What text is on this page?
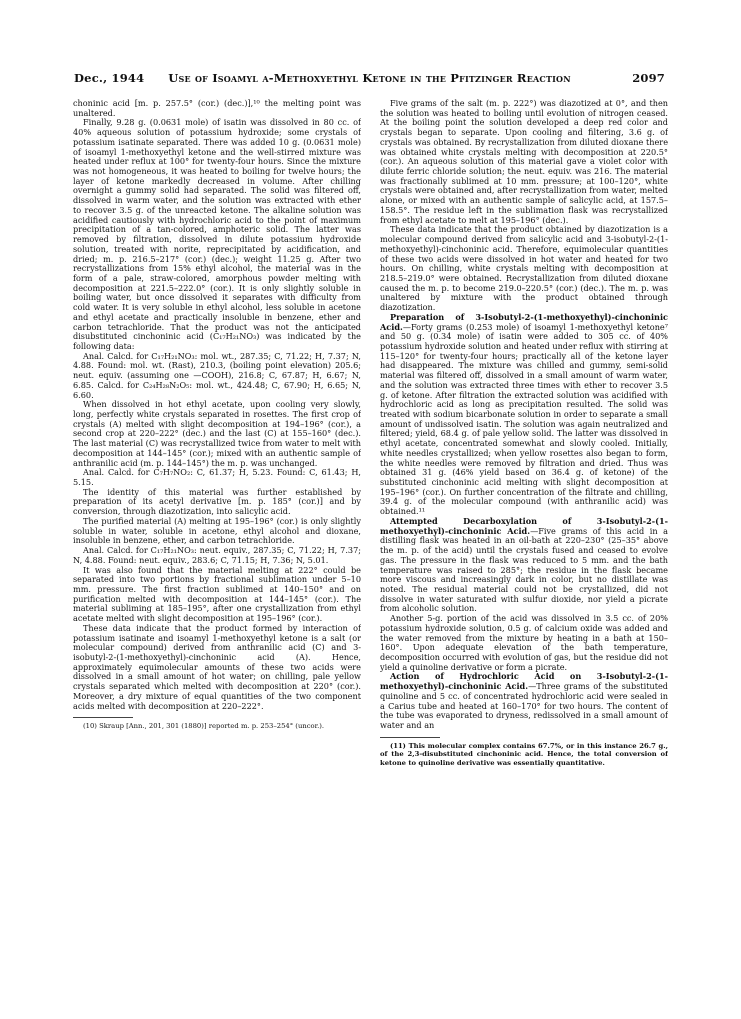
Dec., 1944	Use of Isoamyl α-Methoxyethyl Ketone in the Pfitzinger Reaction	2097

choninic acid [m. p. 257.5° (cor.) (dec.)],¹⁰ the melting point was unaltered.

Finally, 9.28 g. (0.0631 mole) of isatin was dissolved in 80 cc. of 40% aqueous solution of potassium hydroxide; some crystals of potassium isatinate separated. There was added 10 g. (0.0631 mole) of isoamyl 1-methoxyethyl ketone and the well-stirred mixture was heated under reflux at 100° for twenty-four hours. Since the mixture was not homogeneous, it was heated to boiling for twelve hours; the layer of ketone markedly decreased in volume. After chilling overnight a gummy solid had separated. The solid was filtered off, dissolved in warm water, and the solution was extracted with ether to recover 3.5 g. of the unreacted ketone. The alkaline solution was acidified cautiously with hydrochloric acid to the point of maximum precipitation of a tan-colored, amphoteric solid. The latter was removed by filtration, dissolved in dilute potassium hydroxide solution, treated with norite, reprecipitated by acidification, and dried; m. p. 216.5–217° (cor.) (dec.); weight 11.25 g. After two recrystallizations from 15% ethyl alcohol, the material was in the form of a pale, straw-colored, amorphous powder melting with decomposition at 221.5–222.0° (cor.). It is only slightly soluble in boiling water, but once dissolved it separates with difficulty from cold water. It is very soluble in ethyl alcohol, less soluble in acetone and ethyl acetate and practically insoluble in benzene, ether and carbon tetrachloride. That the product was not the anticipated disubstituted cinchoninic acid (C₁₇H₂₁NO₃) was indicated by the following data:

Anal. Calcd. for C₁₇H₂₁NO₃: mol. wt., 287.35; C, 71.22; H, 7.37; N, 4.88. Found: mol. wt. (Rast), 210.3, (boiling point elevation) 205.6; neut. equiv. (assuming one —COOH), 216.8; C, 67.87; H, 6.67; N, 6.85. Calcd. for C₂₄H₂₈N₂O₅: mol. wt., 424.48; C, 67.90; H, 6.65; N, 6.60.

When dissolved in hot ethyl acetate, upon cooling very slowly, long, perfectly white crystals separated in rosettes. The first crop of crystals (A) melted with slight decomposition at 194–196° (cor.), a second crop at 220–222° (dec.) and the last (C) at 155–160° (dec.). The last material (C) was recrystallized twice from water to melt with decomposition at 144–145° (cor.); mixed with an authentic sample of anthranilic acid (m. p. 144–145°) the m. p. was unchanged.

Anal. Calcd. for C₇H₇NO₂: C, 61.37; H, 5.23. Found: C, 61.43; H, 5.15.

The identity of this material was further established by preparation of its acetyl derivative [m. p. 185° (cor.)] and by conversion, through diazotization, into salicylic acid.

The purified material (A) melting at 195–196° (cor.) is only slightly soluble in water, soluble in acetone, ethyl alcohol and dioxane, insoluble in benzene, ether, and carbon tetrachloride.

Anal. Calcd. for C₁₇H₂₁NO₃: neut. equiv., 287.35; C, 71.22; H, 7.37; N, 4.88. Found: neut. equiv., 283.6; C, 71.15; H, 7.36; N, 5.01.

It was also found that the material melting at 222° could be separated into two portions by fractional sublimation under 5–10 mm. pressure. The first fraction sublimed at 140–150° and on purification melted with decomposition at 144–145° (cor.). The material subliming at 185–195°, after one crystallization from ethyl acetate melted with slight decomposition at 195–196° (cor.).

These data indicate that the product formed by interaction of potassium isatinate and isoamyl 1-methoxyethyl ketone is a salt (or molecular compound) derived from anthranilic acid (C) and 3-isobutyl-2-(1-methoxyethyl)-cinchoninic acid (A). Hence, approximately equimolecular amounts of these two acids were dissolved in a small amount of hot water; on chilling, pale yellow crystals separated which melted with decomposition at 220° (cor.). Moreover, a dry mixture of equal quantities of the two component acids melted with decomposition at 220–222°.

(10) Skraup [Ann., 201, 301 (1880)] reported m. p. 253–254° (uncor.).

Five grams of the salt (m. p. 222°) was diazotized at 0°, and then the solution was heated to boiling until evolution of nitrogen ceased. At the boiling point the solution developed a deep red color and crystals began to separate. Upon cooling and filtering, 3.6 g. of crystals was obtained. By recrystallization from diluted dioxane there was obtained white crystals melting with decomposition at 220.5° (cor.). An aqueous solution of this material gave a violet color with dilute ferric chloride solution; the neut. equiv. was 216. The material was fractionally sublimed at 10 mm. pressure; at 100–120°, white crystals were obtained and, after recrystallization from water, melted alone, or mixed with an authentic sample of salicylic acid, at 157.5–158.5°. The residue left in the sublimation flask was recrystallized from ethyl acetate to melt at 195–196° (dec.).

These data indicate that the product obtained by diazotization is a molecular compound derived from salicylic acid and 3-isobutyl-2-(1-methoxyethyl)-cinchoninic acid. Therefore, equimolecular quantities of these two acids were dissolved in hot water and heated for two hours. On chilling, white crystals melting with decomposition at 218.5–219.0° were obtained. Recrystallization from diluted dioxane caused the m. p. to become 219.0–220.5° (cor.) (dec.). The m. p. was unaltered by mixture with the product obtained through diazotization.

Preparation of 3-Isobutyl-2-(1-methoxyethyl)-cinchoninic Acid.—Forty grams (0.253 mole) of isoamyl 1-methoxyethyl ketone⁷ and 50 g. (0.34 mole) of isatin were added to 305 cc. of 40% potassium hydroxide solution and heated under reflux with stirring at 115–120° for twenty-four hours; practically all of the ketone layer had disappeared. The mixture was chilled and gummy, semi-solid material was filtered off, dissolved in a small amount of warm water, and the solution was extracted three times with ether to recover 3.5 g. of ketone. After filtration the extracted solution was acidified with hydrochloric acid as long as precipitation resulted. The solid was treated with sodium bicarbonate solution in order to separate a small amount of undissolved isatin. The solution was again neutralized and filtered; yield, 68.4 g. of pale yellow solid. The latter was dissolved in ethyl acetate, concentrated somewhat and slowly cooled. Initially, white needles crystallized; when yellow rosettes also began to form, the white needles were removed by filtration and dried. Thus was obtained 31 g. (46% yield based on 36.4 g. of ketone) of the substituted cinchoninic acid melting with slight decomposition at 195–196° (cor.). On further concentration of the filtrate and chilling, 39.4 g. of the molecular compound (with anthranilic acid) was obtained.¹¹

Attempted Decarboxylation of 3-Isobutyl-2-(1-methoxyethyl)-cinchoninic Acid.—Five grams of this acid in a distilling flask was heated in an oil-bath at 220–230° (25–35° above the m. p. of the acid) until the crystals fused and ceased to evolve gas. The pressure in the flask was reduced to 5 mm. and the bath temperature was raised to 285°; the residue in the flask became more viscous and increasingly dark in color, but no distillate was noted. The residual material could not be crystallized, did not dissolve in water saturated with sulfur dioxide, nor yield a picrate from alcoholic solution.

Another 5-g. portion of the acid was dissolved in 3.5 cc. of 20% potassium hydroxide solution, 0.5 g. of calcium oxide was added and the water removed from the mixture by heating in a bath at 150–160°. Upon adequate elevation of the bath temperature, decomposition occurred with evolution of gas, but the residue did not yield a quinoline derivative or form a picrate.

Action of Hydrochloric Acid on 3-Isobutyl-2-(1-methoxyethyl)-cinchoninic Acid.—Three grams of the substituted quinoline and 5 cc. of concentrated hydrochloric acid were sealed in a Carius tube and heated at 160–170° for two hours. The content of the tube was evaporated to dryness, redissolved in a small amount of water and an

(11) This molecular complex contains 67.7%, or in this instance 26.7 g., of the 2,3-disubstituted cinchoninic acid. Hence, the total conversion of ketone to quinoline derivative was essentially quantitative.
